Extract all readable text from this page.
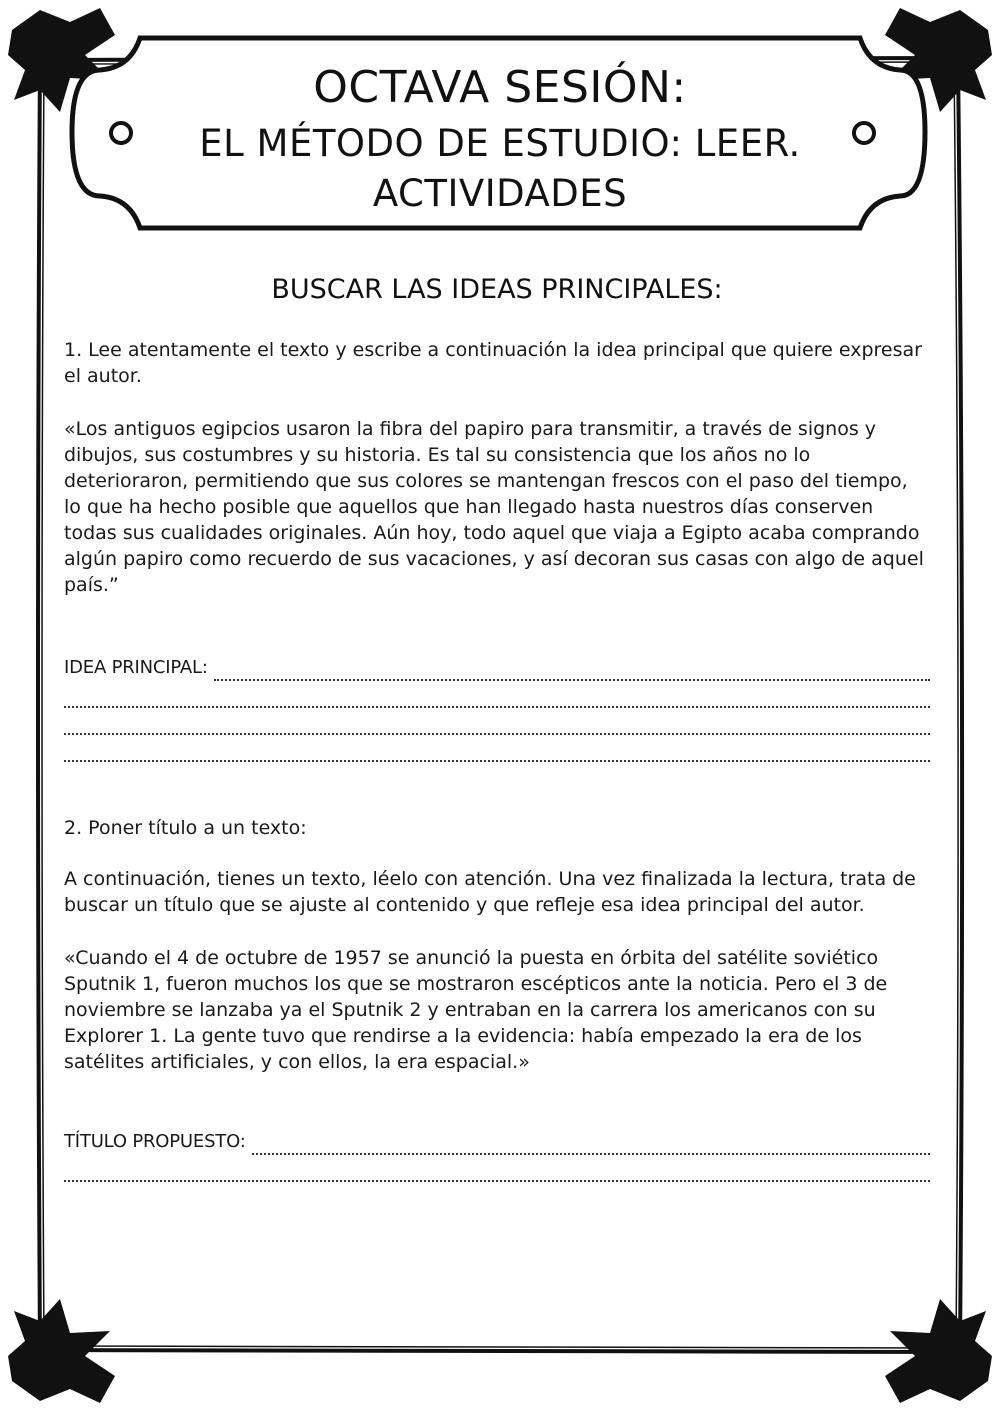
OCTAVA SESIÓN:
EL MÉTODO DE ESTUDIO: LEER.
ACTIVIDADES
BUSCAR LAS IDEAS PRINCIPALES:
1. Lee atentamente el texto y escribe a continuación la idea principal que quiere expresar el autor.
«Los antiguos egipcios usaron la fibra del papiro para transmitir, a través de signos y dibujos, sus costumbres y su historia. Es tal su consistencia que los años no lo deterioraron, permitiendo que sus colores se mantengan frescos con el paso del tiempo, lo que ha hecho posible que aquellos que han llegado hasta nuestros días conserven todas sus cualidades originales. Aún hoy, todo aquel que viaja a Egipto acaba comprando algún papiro como recuerdo de sus vacaciones, y así decoran sus casas con algo de aquel país.”
IDEA PRINCIPAL:
2. Poner título a un texto:
A continuación, tienes un texto, léelo con atención. Una vez finalizada la lectura, trata de buscar un título que se ajuste al contenido y que refleje esa idea principal del autor.
«Cuando el 4 de octubre de 1957 se anunció la puesta en órbita del satélite soviético Sputnik 1, fueron muchos los que se mostraron escépticos ante la noticia. Pero el 3 de noviembre se lanzaba ya el Sputnik 2 y entraban en la carrera los americanos con su Explorer 1. La gente tuvo que rendirse a la evidencia: había empezado la era de los satélites artificiales, y con ellos, la era espacial.»
TÍTULO PROPUESTO:
